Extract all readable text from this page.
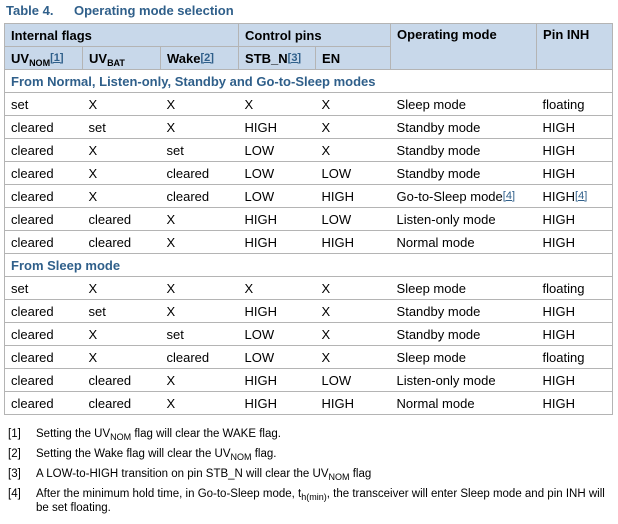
Table 4. Operating mode selection
Internal flags			Control pins		Operating mode	Pin INH
$UV_{NOM}[1]$	$UV_{BAT}$	Wake[2]	STB_N[3]	EN		
From Normal, Listen-only, Standby and Go-to-Sleep modes						
set	X	X	X	X	Sleep mode	floating
cleared	set	X	HIGH	X	Standby mode	HIGH
cleared	X	set	LOW	X	Standby mode	HIGH
cleared	X	cleared	LOW	LOW	Standby mode	HIGH
cleared	X	cleared	LOW	HIGH	Go-to-Sleep mode[4]	HIGH[4]
cleared	cleared	X	HIGH	LOW	Listen-only mode	HIGH
cleared	cleared	X	HIGH	HIGH	Normal mode	HIGH
From Sleep mode						
set	X	X	X	X	Sleep mode	floating
cleared	set	X	HIGH	X	Standby mode	HIGH
cleared	X	set	LOW	X	Standby mode	HIGH
cleared	X	cleared	LOW	X	Sleep mode	floating
cleared	cleared	X	HIGH	LOW	Listen-only mode	HIGH
cleared	cleared	X	HIGH	HIGH	Normal mode	HIGH
[1]	Setting the $UV_{NOM}$ flag will clear the WAKE flag.
[2]	Setting the Wake flag will clear the $UV_{NOM}$ flag.
[3]	A LOW-to-HIGH transition on pin STB_N will clear the $UV_{NOM}$ flag
[4]	After the minimum hold time, in Go-to-Sleep mode, $t_{h(min)}$, the transceiver will enter Sleep mode and pin INH will be set floating.
